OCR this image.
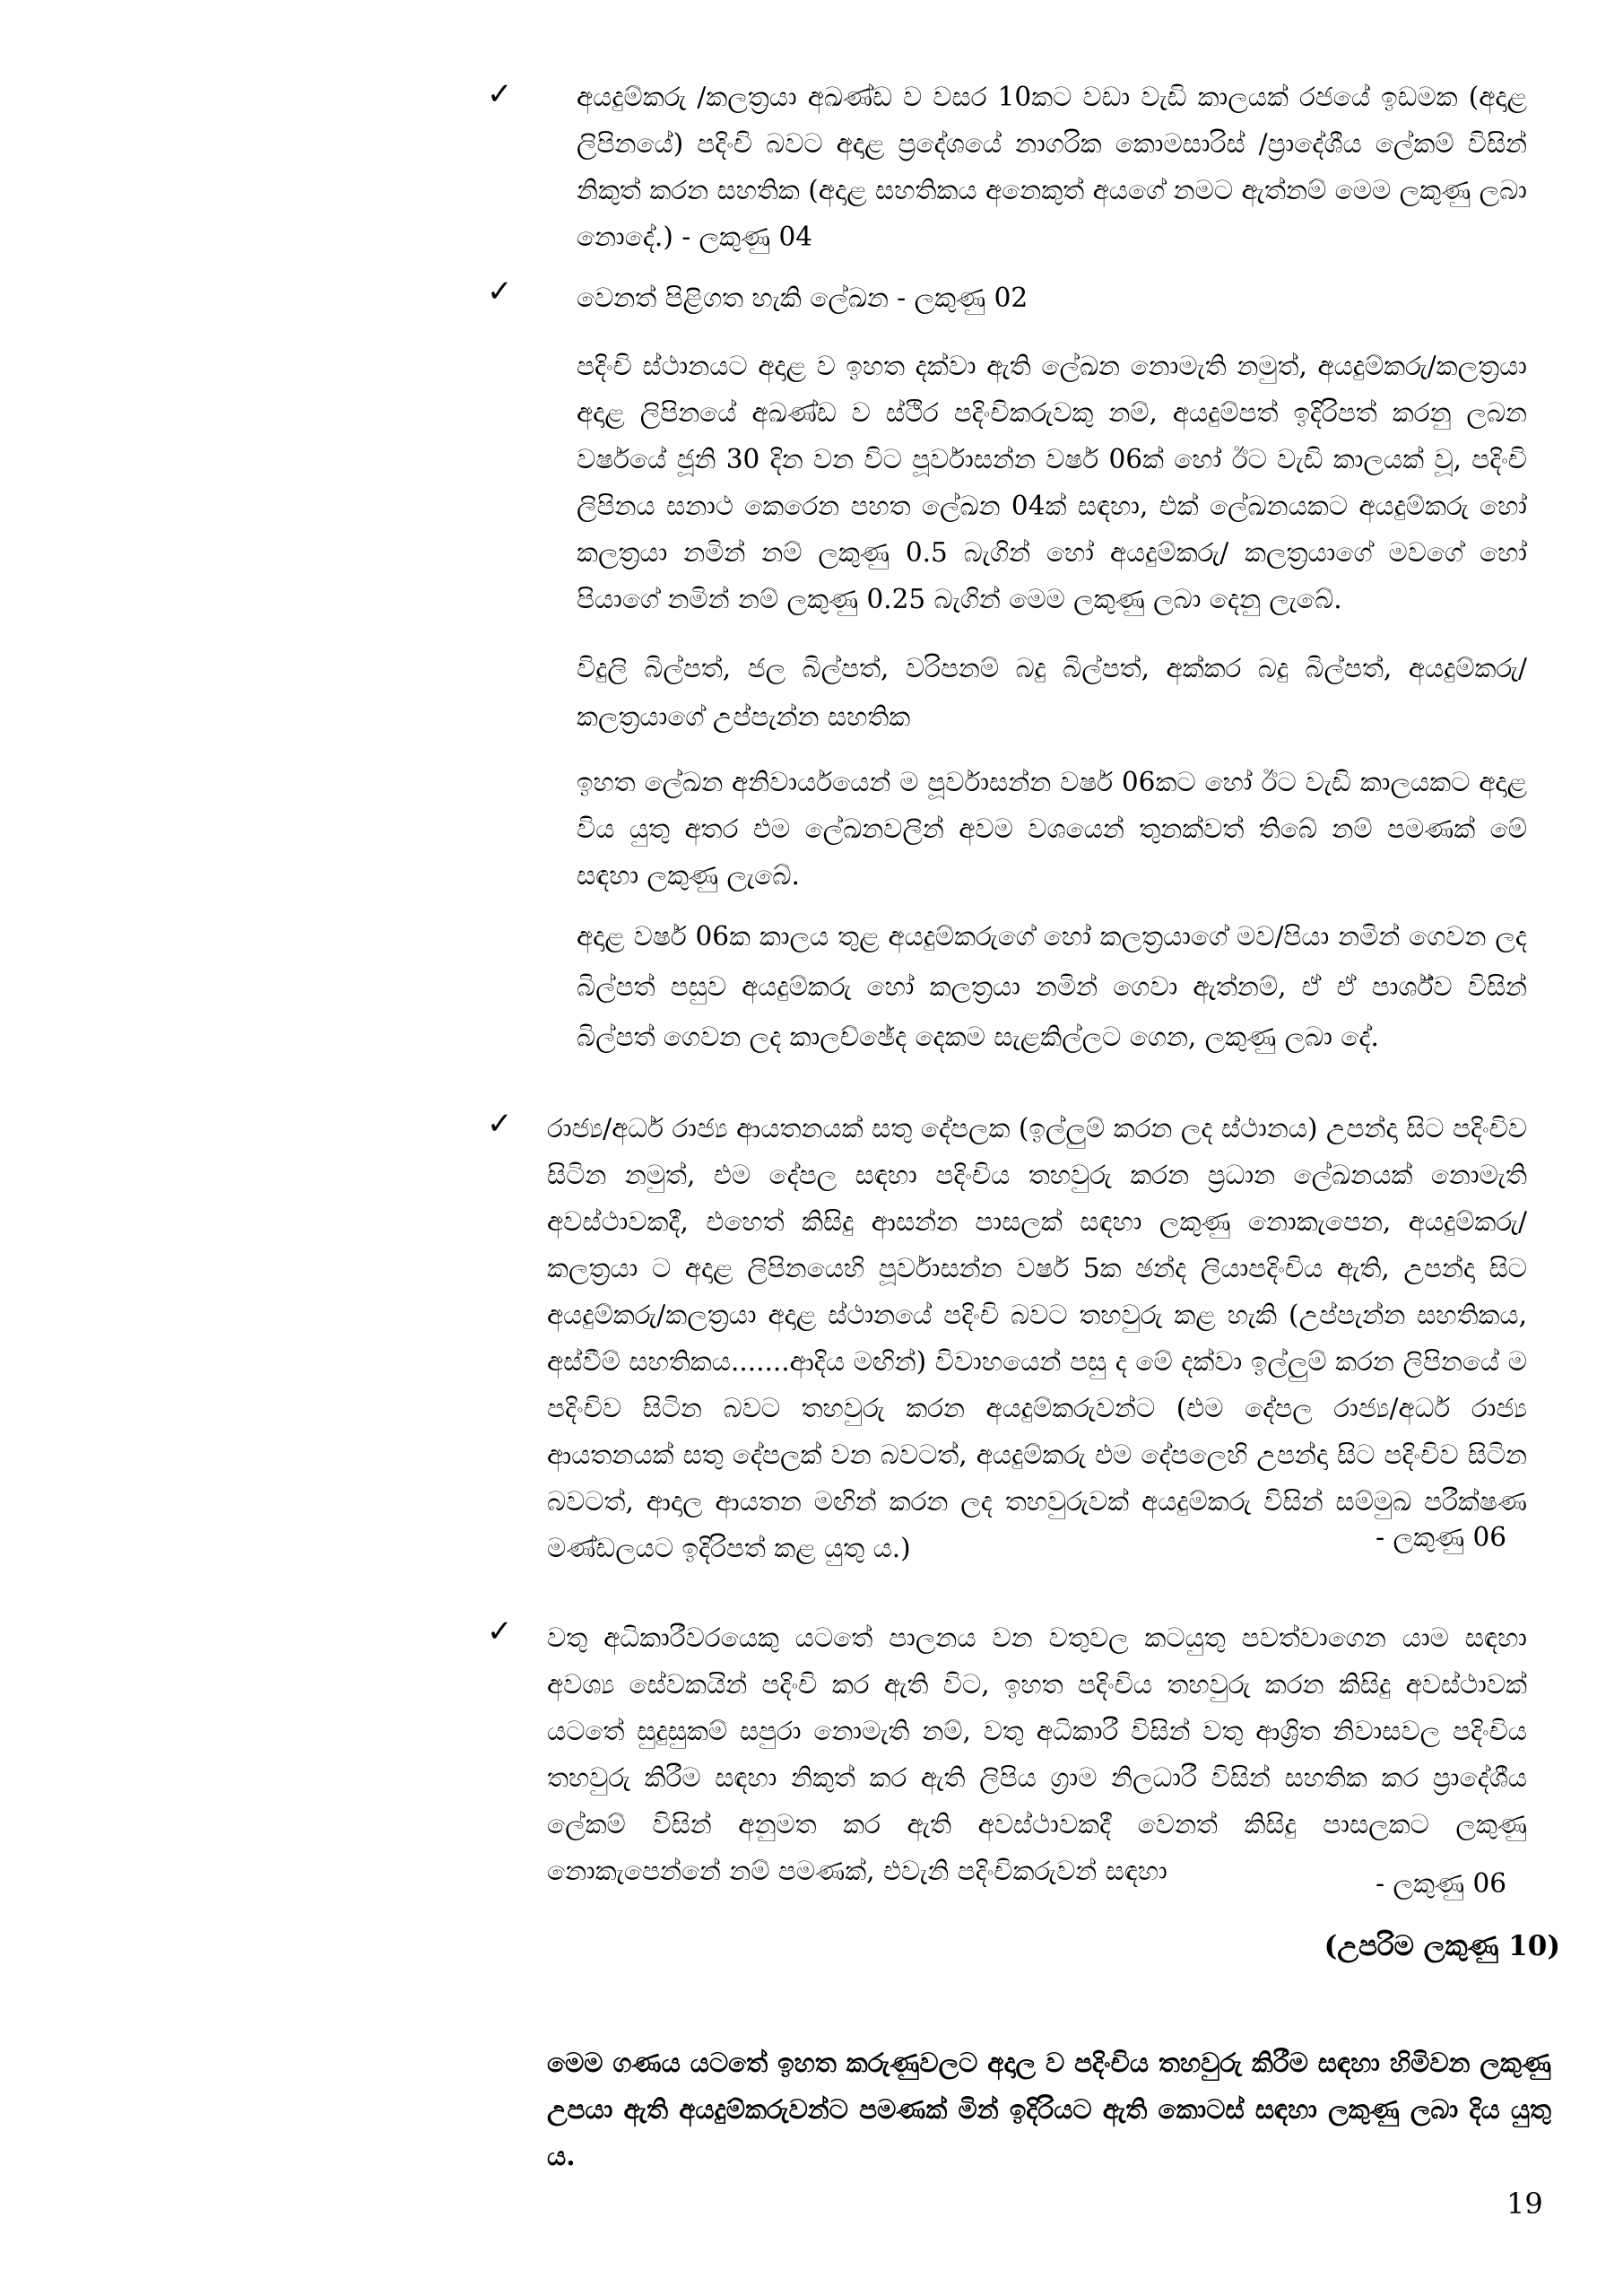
✓ අයදුම්කරු /කලත්‍රයා අඛණ්ඩ ව වසර 10කට වඩා වැඩි කාලයක් රජයේ ඉඩමක (අදාළ ලිපිනයේ) පදිංචි බවට අදාළ ප්‍රදේශයේ නාගරික කොමසාරිස් /ප්‍රාදේශීය ලේකම් විසින් නිකුත් කරන සහතික (අදාළ සහතිකය අනෙකුත් අයගේ නමට ඇත්නම් මෙම ලකුණු ලබා නොදේ.) - ලකුණු 04
✓ වෙනත් පිළිගත හැකි ලේඛන - ලකුණු 02
පදිංචි ස්ථානයට අදාළ ව ඉහත දක්වා ඇති ලේඛන නොමැති නමුත්, අයදුම්කරු/කලත්‍රයා අදාළ ලිපිනයේ අඛණ්ඩ ව ස්ථිර පදිංචිකරුවකු නම්, අයදුම්පත් ඉදිරිපත් කරනු ලබන වර්ෂයේ ජූනි 30 දින වන විට පූර්වාසන්න වර්ෂ 06ක් හෝ ඊට වැඩි කාලයක් වූ, පදිංචි ලිපිනය සනාථ කෙරෙන පහත ලේඛන 04ක් සඳහා, එක් ලේඛනයකට අයදුම්කරු හෝ කලත්‍රයා නමින් නම් ලකුණු 0.5 බැගින් හෝ අයදුම්කරු/ කලත්‍රයාගේ මවගේ හෝ පියාගේ නමින් නම් ලකුණු 0.25 බැගින් මෙම ලකුණු ලබා දෙනු ලැබේ.
විදුලි බිල්පත්, ජල බිල්පත්, වරිපනම් බදු බිල්පත්, අක්කර බදු බිල්පත්, අයදුම්කරු/කලත්‍රයාගේ උප්පැන්න සහතික
ඉහත ලේඛන අනිවාර්යයෙන් ම පූර්වාසන්න වර්ෂ 06කට හෝ ඊට වැඩි කාලයකට අදාළ විය යුතු අතර එම ලේඛනවලින් අවම වශයෙන් තුනක්වත් තිබේ නම් පමණක් මේ සඳහා ලකුණු ලැබේ.
අදාළ වර්ෂ 06ක කාලය තුළ අයදුම්කරුගේ හෝ කලත්‍රයාගේ මව/පියා නමින් ගෙවන ලද බිල්පත් පසුව අයදුම්කරු හෝ කලත්‍රයා නමින් ගෙවා ඇත්නම්, ඒ ඒ පාර්ශ්ව විසින් බිල්පත් ගෙවන ලද කාලච්ඡේද දෙකම සැළකිල්ලට ගෙන, ලකුණු ලබා දේ.
✓ රාජ්‍ය/අර්ධ රාජ්‍ය ආයතනයක් සතු දේපලක (ඉල්ලුම් කරන ලද ස්ථානය) උපන්දා සිට පදිංචිව සිටින නමුත්, එම දේපල සඳහා පදිංචිය තහවුරු කරන ප්‍රධාන ලේඛනයක් නොමැති අවස්ථාවකදී, එහෙත් කිසිදු ආසන්න පාසලක් සඳහා ලකුණු නොකැපෙන, අයදුම්කරු/කලත්‍රයා ට අදාළ ලිපිනයෙහි පූර්වාසන්න වර්ෂ 5ක ඡන්ද ලියාපදිංචිය ඇති, උපන්දා සිට අයදුම්කරු/කලත්‍රයා අදාළ ස්ථානයේ පදිංචි බවට තහවුරු කළ හැකි (උප්පැන්න සහතිකය, අස්වීම් සහතිකය.......ආදිය මඟින්) විවාහයෙන් පසු ද මේ දක්වා ඉල්ලුම් කරන ලිපිනයේ ම පදිංචිව සිටින බවට තහවුරු කරන අයදුම්කරුවන්ට (එම දේපල රාජ්‍ය/අර්ධ රාජ්‍ය ආයතනයක් සතු දේපලක් වන බවටත්, අයදුම්කරු එම දේපලෙහි උපන්දා සිට පදිංචිව සිටින බවටත්, ආදාල ආයතන මඟින් කරන ලද තහවුරුවක් අයදුම්කරු විසින් සම්මුඛ පරීක්ෂණ මණ්ඩලයට ඉදිරිපත් කළ යුතු ය.)	- ලකුණු 06
✓ වතු අධිකාරීවරයෙකු යටතේ පාලනය වන වතුවල කටයුතු පවත්වාගෙන යාම සඳහා අවශ්‍ය සේවකයින් පදිංචි කර ඇති විට, ඉහත පදිංචිය තහවුරු කරන කිසිදු අවස්ථාවක් යටතේ සුදුසුකම් සපුරා නොමැති නම්, වතු අධිකාරී විසින් වතු ආශ්‍රිත නිවාසවල පදිංචිය තහවුරු කිරීම සඳහා නිකුත් කර ඇති ලිපිය ග්‍රාම නිලධාරී විසින් සහතික කර ප්‍රාදේශීය ලේකම් විසින් අනුමත කර ඇති අවස්ථාවකදී වෙනත් කිසිදු පාසලකට ලකුණු නොකැපෙන්නේ නම් පමණක්, එවැනි පදිංචිකරුවන් සඳහා	- ලකුණු 06
(උපරිම ලකුණු 10)
මෙම ගණය යටතේ ඉහත කරුණුවලට අදාල ව පදිංචිය තහවුරු කිරීම සඳහා හිමිවන ලකුණු උපයා ඇති අයදුම්කරුවන්ට පමණක් මින් ඉදිරියට ඇති කොටස් සඳහා ලකුණු ලබා දිය යුතු ය.
19
